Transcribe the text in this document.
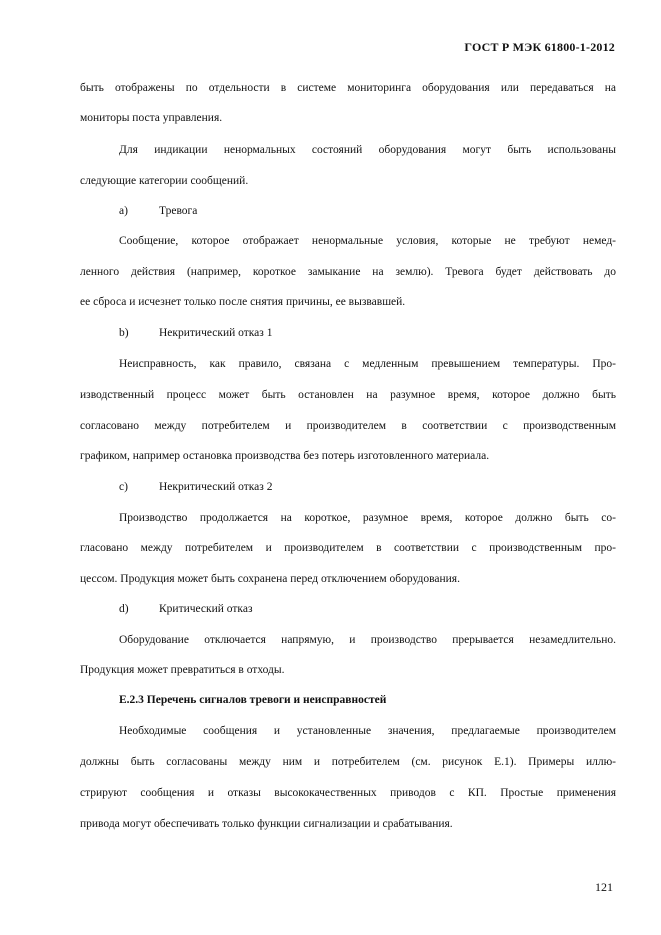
ГОСТ Р МЭК 61800-1-2012
быть отображены по отдельности в системе мониторинга оборудования или передаваться на
мониторы поста управления.
Для индикации ненормальных состояний оборудования могут быть использованы
следующие категории сообщений.
а)	Тревога
Сообщение, которое отображает ненормальные условия, которые не требуют немед-
ленного действия (например, короткое замыкание на землю). Тревога будет действовать до
ее сброса и исчезнет только после снятия причины, ее вызвавшей.
b)	Некритический отказ 1
Неисправность, как правило, связана с медленным превышением температуры. Про-
изводственный процесс может быть остановлен на разумное время, которое должно быть
согласовано между потребителем и производителем в соответствии с производственным
графиком, например остановка производства без потерь изготовленного материала.
c)	Некритический отказ 2
Производство продолжается на короткое, разумное время, которое должно быть со-
гласовано между потребителем и производителем в соответствии с производственным про-
цессом. Продукция может быть сохранена перед отключением оборудования.
d)	Критический отказ
Оборудование отключается напрямую, и производство прерывается незамедлительно.
Продукция может превратиться в отходы.
Е.2.3 Перечень сигналов тревоги и неисправностей
Необходимые сообщения и установленные значения, предлагаемые производителем
должны быть согласованы между ним и потребителем (см. рисунок Е.1). Примеры иллю-
стрируют сообщения и отказы высококачественных приводов с КП. Простые применения
привода могут обеспечивать только функции сигнализации и срабатывания.
121
